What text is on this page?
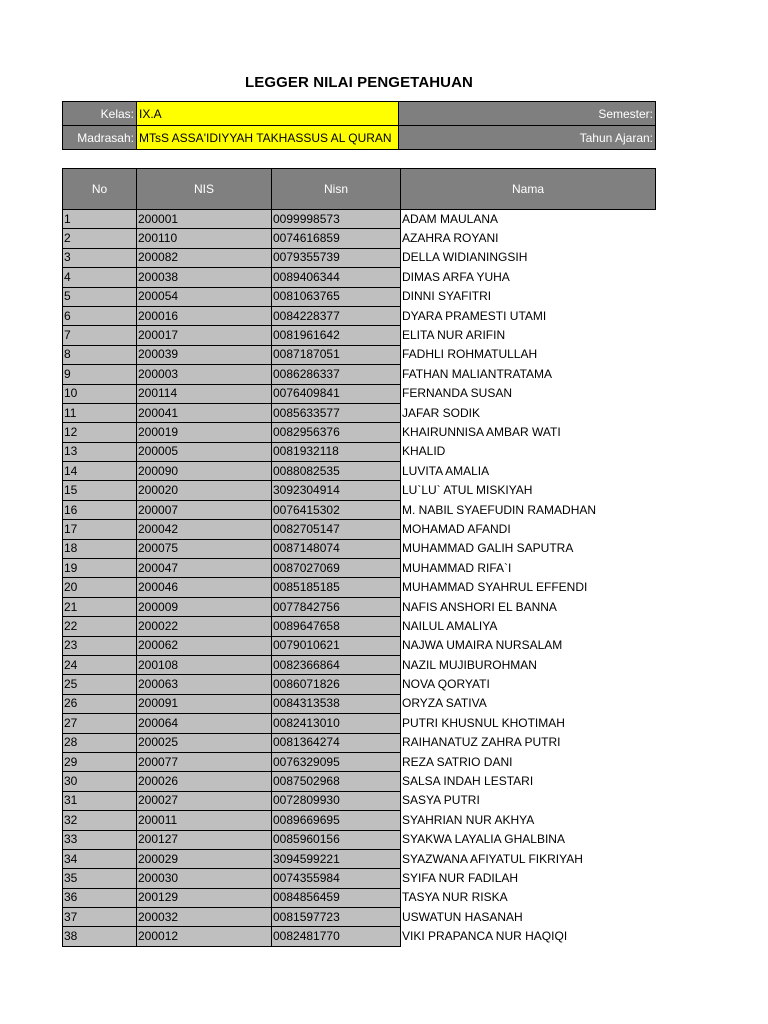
LEGGER NILAI PENGETAHUAN
Kelas:	IX.A	Semester:
Madrasah:	MTsS ASSA'IDIYYAH TAKHASSUS AL QURAN	Tahun Ajaran:
No	NIS	Nisn	Nama
1	200001	0099998573	ADAM MAULANA
2	200110	0074616859	AZAHRA ROYANI
3	200082	0079355739	DELLA WIDIANINGSIH
4	200038	0089406344	DIMAS ARFA YUHA
5	200054	0081063765	DINNI SYAFITRI
6	200016	0084228377	DYARA PRAMESTI UTAMI
7	200017	0081961642	ELITA NUR ARIFIN
8	200039	0087187051	FADHLI ROHMATULLAH
9	200003	0086286337	FATHAN MALIANTRATAMA
10	200114	0076409841	FERNANDA SUSAN
11	200041	0085633577	JAFAR SODIK
12	200019	0082956376	KHAIRUNNISA AMBAR WATI
13	200005	0081932118	KHALID
14	200090	0088082535	LUVITA AMALIA
15	200020	3092304914	LU`LU` ATUL MISKIYAH
16	200007	0076415302	M. NABIL SYAEFUDIN RAMADHAN
17	200042	0082705147	MOHAMAD AFANDI
18	200075	0087148074	MUHAMMAD GALIH SAPUTRA
19	200047	0087027069	MUHAMMAD RIFA`I
20	200046	0085185185	MUHAMMAD SYAHRUL EFFENDI
21	200009	0077842756	NAFIS ANSHORI EL BANNA
22	200022	0089647658	NAILUL AMALIYA
23	200062	0079010621	NAJWA UMAIRA NURSALAM
24	200108	0082366864	NAZIL MUJIBUROHMAN
25	200063	0086071826	NOVA QORYATI
26	200091	0084313538	ORYZA SATIVA
27	200064	0082413010	PUTRI KHUSNUL KHOTIMAH
28	200025	0081364274	RAIHANATUZ ZAHRA PUTRI
29	200077	0076329095	REZA SATRIO DANI
30	200026	0087502968	SALSA INDAH LESTARI
31	200027	0072809930	SASYA PUTRI
32	200011	0089669695	SYAHRIAN NUR AKHYA
33	200127	0085960156	SYAKWA LAYALIA GHALBINA
34	200029	3094599221	SYAZWANA AFIYATUL FIKRIYAH
35	200030	0074355984	SYIFA NUR FADILAH
36	200129	0084856459	TASYA NUR RISKA
37	200032	0081597723	USWATUN HASANAH
38	200012	0082481770	VIKI PRAPANCA NUR HAQIQI
